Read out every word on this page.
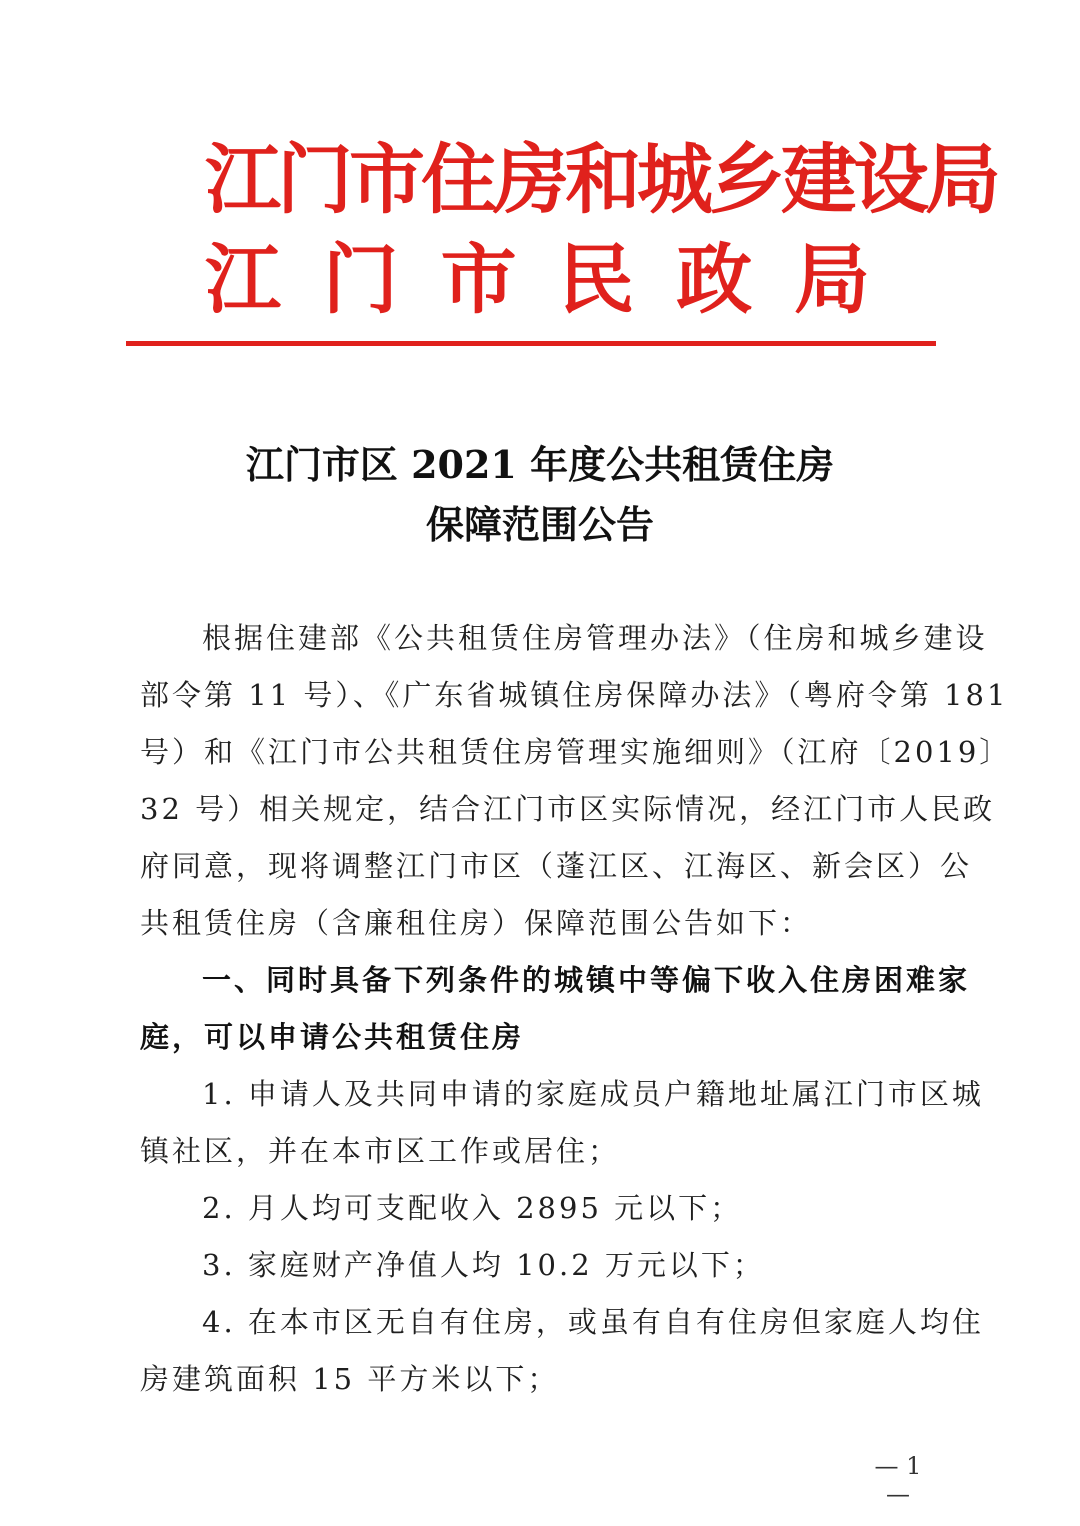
江门市住房和城乡建设局
江 门 市 民 政 局
江门市区 2021 年度公共租赁住房
保障范围公告
根据住建部《公共租赁住房管理办法》（住房和城乡建设
部令第 11 号）、《广东省城镇住房保障办法》（粤府令第 181
号）和《江门市公共租赁住房管理实施细则》（江府〔2019〕
32 号）相关规定，结合江门市区实际情况，经江门市人民政
府同意，现将调整江门市区（蓬江区、江海区、新会区）公
共租赁住房（含廉租住房）保障范围公告如下：
一、同时具备下列条件的城镇中等偏下收入住房困难家
庭，可以申请公共租赁住房
1. 申请人及共同申请的家庭成员户籍地址属江门市区城
镇社区，并在本市区工作或居住；
2. 月人均可支配收入 2895 元以下；
3. 家庭财产净值人均 10.2 万元以下；
4. 在本市区无自有住房，或虽有自有住房但家庭人均住
房建筑面积 15 平方米以下；
— 1 —
